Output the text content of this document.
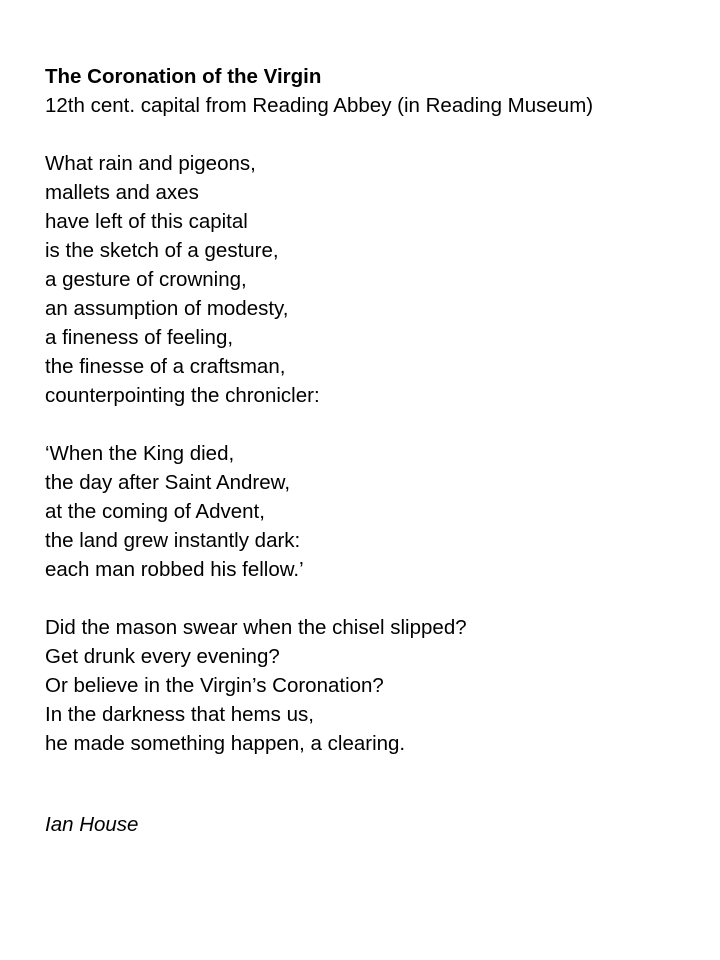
The Coronation of the Virgin
12th cent. capital from Reading Abbey (in Reading Museum)
What rain and pigeons,
mallets and axes
have left of this capital
is the sketch of a gesture,
a gesture of crowning,
an assumption of modesty,
a fineness of feeling,
the finesse of a craftsman,
counterpointing the chronicler:
‘When the King died,
the day after Saint Andrew,
at the coming of Advent,
the land grew instantly dark:
each man robbed his fellow.’
Did the mason swear when the chisel slipped?
Get drunk every evening?
Or believe in the Virgin’s Coronation?
In the darkness that hems us,
he made something happen, a clearing.
Ian House
